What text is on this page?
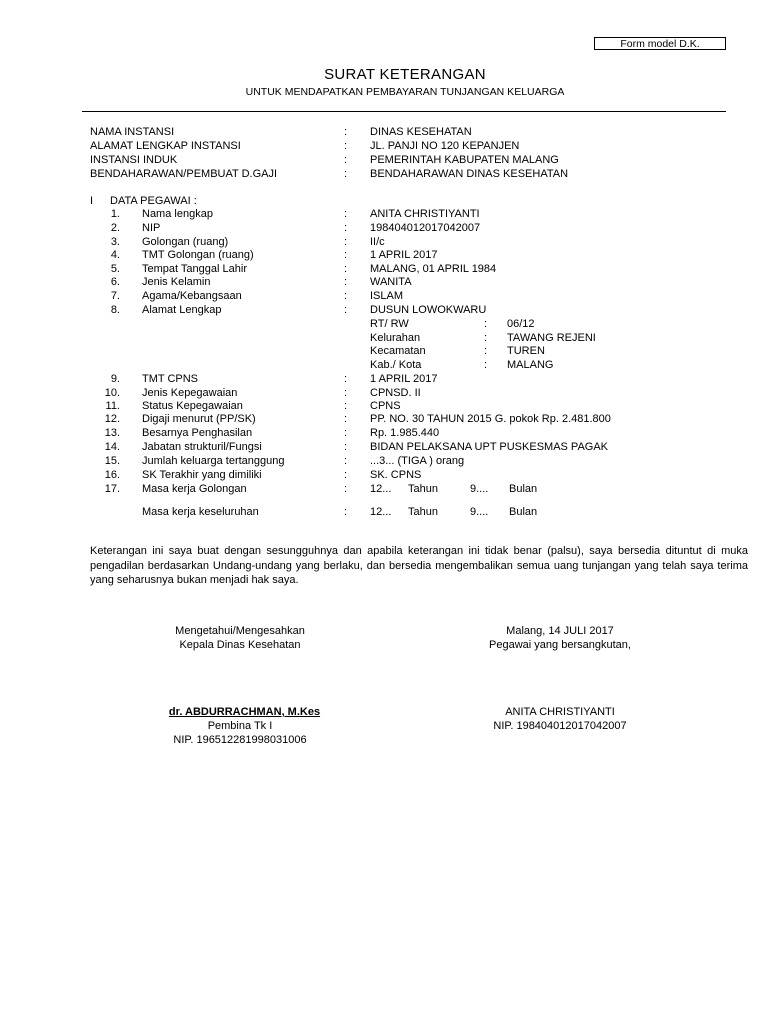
Form model D.K.
SURAT KETERANGAN
UNTUK MENDAPATKAN PEMBAYARAN TUNJANGAN KELUARGA
NAMA INSTANSI	: DINAS KESEHATAN
ALAMAT LENGKAP INSTANSI	: JL. PANJI NO 120 KEPANJEN
INSTANSI INDUK	: PEMERINTAH KABUPATEN MALANG
BENDAHARAWAN/PEMBUAT D.GAJI	: BENDAHARAWAN DINAS KESEHATAN
I DATA PEGAWAI :
1. Nama lengkap	: ANITA CHRISTIYANTI
2. NIP	: 198404012017042007
3. Golongan (ruang)	: II/c
4. TMT Golongan (ruang)	: 1 APRIL 2017
5. Tempat Tanggal Lahir	: MALANG, 01 APRIL 1984
6. Jenis Kelamin	: WANITA
7. Agama/Kebangsaan	: ISLAM
8. Alamat Lengkap	: DUSUN LOWOKWARU
RT/ RW	: 06/12
Kelurahan	: TAWANG REJENI
Kecamatan	: TUREN
Kab./ Kota	: MALANG
9. TMT CPNS	: 1 APRIL 2017
10. Jenis Kepegawaian	: CPNSD. II
11. Status Kepegawaian	: CPNS
12. Digaji menurut (PP/SK)	: PP. NO. 30 TAHUN 2015 G. pokok Rp. 2.481.800
13. Besarnya Penghasilan	: Rp. 1.985.440
14. Jabatan strukturil/Fungsi	: BIDAN PELAKSANA UPT PUSKESMAS PAGAK
15. Jumlah keluarga tertanggung	: ...3... (TIGA ) orang
16. SK Terakhir yang dimiliki	: SK. CPNS
17. Masa kerja Golongan	: 12... Tahun	9.... Bulan
Masa kerja keseluruhan	: 12... Tahun	9.... Bulan
Keterangan ini saya buat dengan sesungguhnya dan apabila keterangan ini tidak benar (palsu), saya bersedia dituntut di muka pengadilan berdasarkan Undang-undang yang berlaku, dan bersedia mengembalikan semua uang tunjangan yang telah saya terima yang seharusnya bukan menjadi hak saya.
Mengetahui/Mengesahkan
Kepala Dinas Kesehatan
dr. ABDURRACHMAN, M.Kes
Pembina Tk I
NIP. 196512281998031006
Malang, 14 JULI 2017
Pegawai yang bersangkutan,
ANITA CHRISTIYANTI
NIP. 198404012017042007
